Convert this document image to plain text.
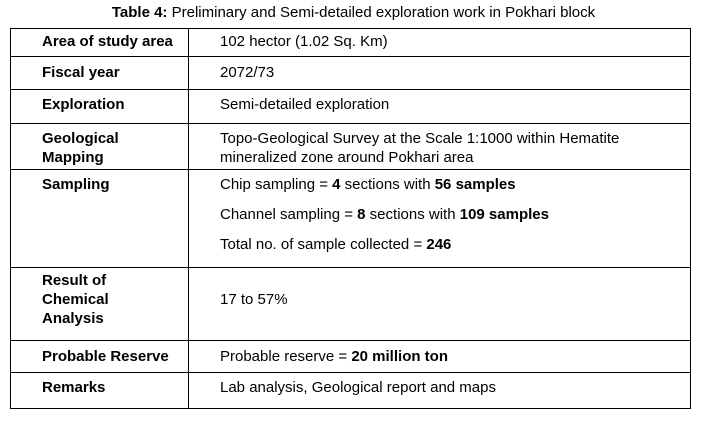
Table 4: Preliminary and Semi-detailed exploration work in Pokhari block
Area of study area	102 hector (1.02 Sq. Km)
Fiscal year	2072/73
Exploration	Semi-detailed exploration

Geological
Mapping	Topo-Geological Survey at the Scale 1:1000 within Hematite
mineralized zone around Pokhari area

Sampling	Chip sampling = 4 sections with 56 samples
Channel sampling = 8 sections with 109 samples
Total no. of sample collected = 246

Result of
Chemical
Analysis	17 to 57%
Probable Reserve	Probable reserve = 20 million ton
Remarks	Lab analysis, Geological report and maps
